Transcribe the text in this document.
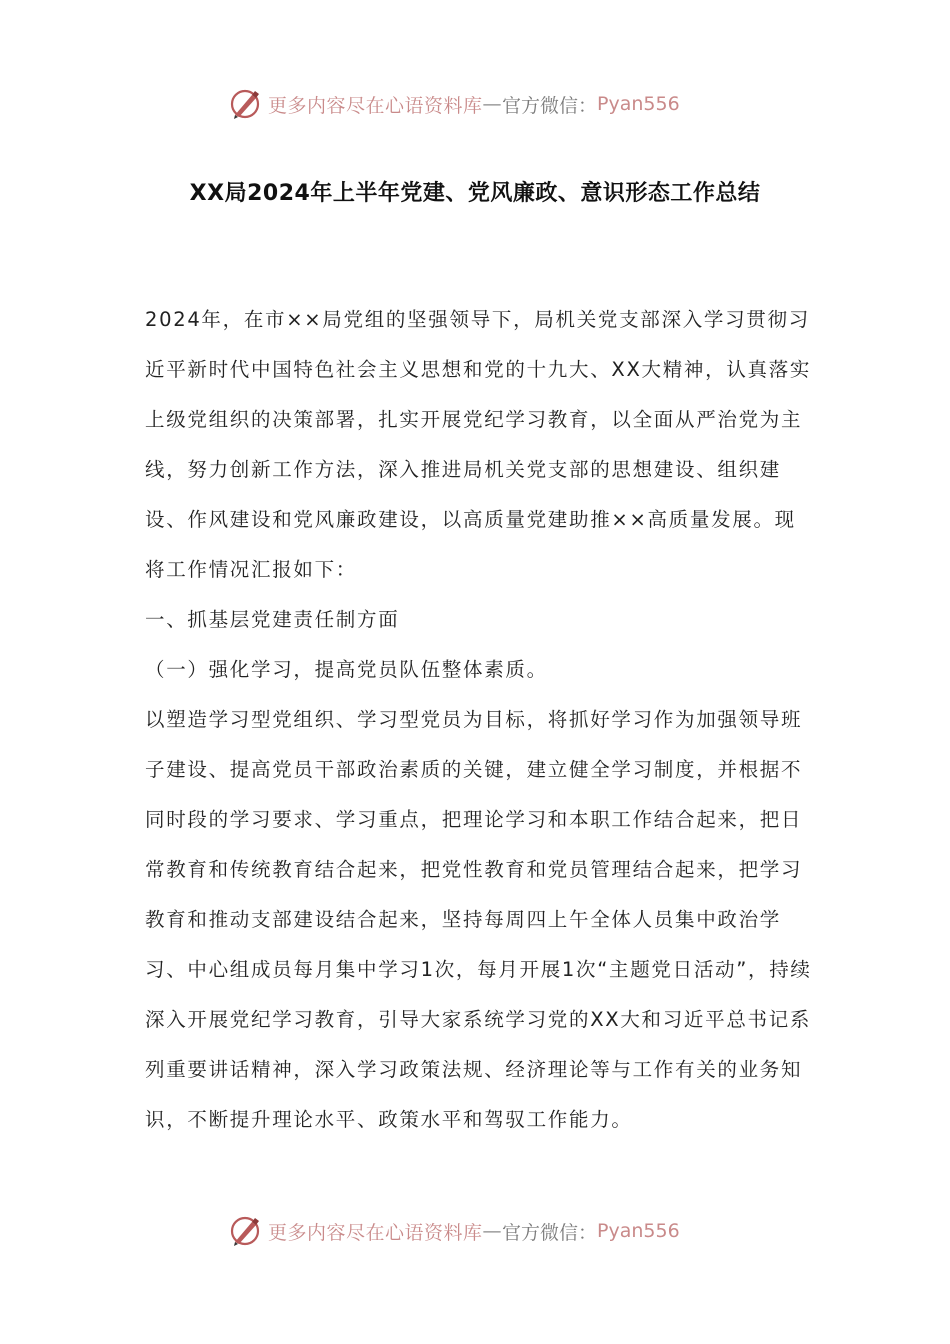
更多内容尽在心语资料库 — 官方微信： Pyan556
XX局2024年上半年党建、党风廉政、意识形态工作总结

2024年，在市××局党组的坚强领导下，局机关党支部深入学习贯彻习近平新时代中国特色社会主义思想和党的十九大、XX大精神，认真落实上级党组织的决策部署，扎实开展党纪学习教育，以全面从严治党为主线，努力创新工作方法，深入推进局机关党支部的思想建设、组织建设、作风建设和党风廉政建设，以高质量党建助推××高质量发展。现将工作情况汇报如下：

一、抓基层党建责任制方面

（一）强化学习，提高党员队伍整体素质。

以塑造学习型党组织、学习型党员为目标，将抓好学习作为加强领导班子建设、提高党员干部政治素质的关键，建立健全学习制度，并根据不同时段的学习要求、学习重点，把理论学习和本职工作结合起来，把日常教育和传统教育结合起来，把党性教育和党员管理结合起来，把学习教育和推动支部建设结合起来，坚持每周四上午全体人员集中政治学习、中心组成员每月集中学习1次，每月开展1次“主题党日活动”，持续深入开展党纪学习教育，引导大家系统学习党的XX大和习近平总书记系列重要讲话精神，深入学习政策法规、经济理论等与工作有关的业务知识，不断提升理论水平、政策水平和驾驭工作能力。

更多内容尽在心语资料库 — 官方微信： Pyan556
